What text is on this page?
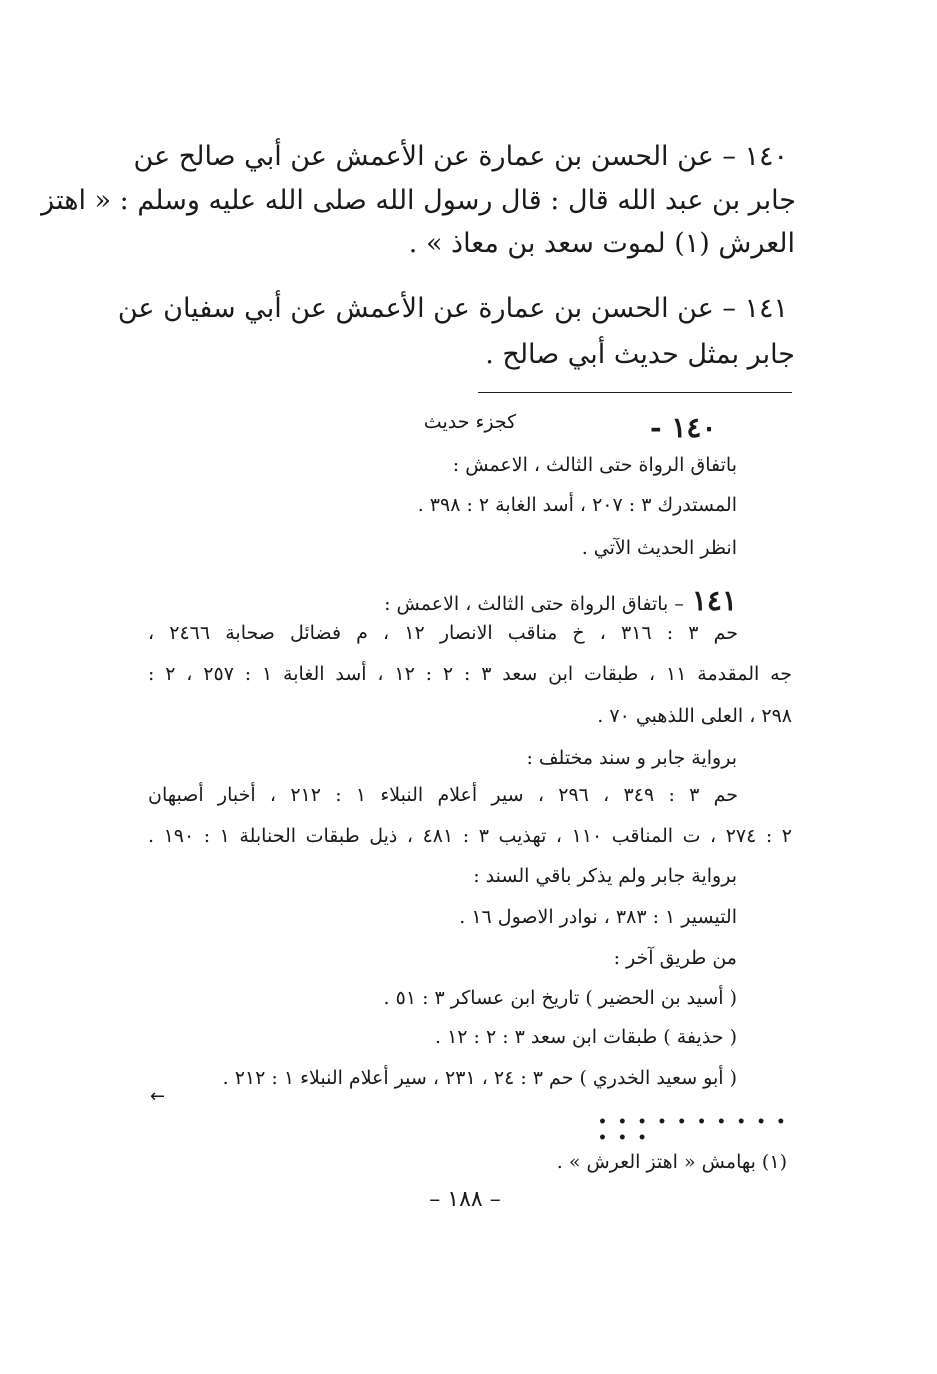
١٤٠ – عن الحسن بن عمارة عن الأعمش عن أبي صالح عن
جابر بن عبد الله قال : قال رسول الله صلى الله عليه وسلم : « اهتز
العرش (١) لموت سعد بن معاذ » .
١٤١ – عن الحسن بن عمارة عن الأعمش عن أبي سفيان عن
جابر بمثل حديث أبي صالح .
كجزء حديث	- ١٤٠
باتفاق الرواة حتى الثالث ، الاعمش :
المستدرك ٣ : ٢٠٧ ، أسد الغابة ٢ : ٣٩٨ .
انظر الحديث الآتي .
١٤١– باتفاق الرواة حتى الثالث ، الاعمش :
حم ٣ : ٣١٦ ، خ مناقب الانصار ١٢ ، م فضائل صحابة ٢٤٦٦ ،
جه المقدمة ١١ ، طبقات ابن سعد ٣ : ٢ : ١٢ ، أسد الغابة ١ : ٢٥٧ ، ٢ :
٢٩٨ ، العلى اللذهبي ٧٠ .
برواية جابر و سند مختلف :
حم ٣ : ٣٤٩ ، ٢٩٦ ، سير أعلام النبلاء ١ : ٢١٢ ، أخبار أصبهان
٢ : ٢٧٤ ، ت المناقب ١١٠ ، تهذيب ٣ : ٤٨١ ، ذيل طبقات الحنابلة ١ : ١٩٠ .
برواية جابر ولم يذكر باقي السند :
التيسير ١ : ٣٨٣ ، نوادر الاصول ١٦ .
من طريق آخر :
( أسيد بن الحضير ) تاريخ ابن عساكر ٣ : ٥١ .
( حذيفة ) طبقات ابن سعد ٣ : ٢ : ١٢ .
( أبو سعيد الخدري ) حم ٣ : ٢٤ ، ٢٣١ ، سير أعلام النبلاء ١ : ٢١٢ .
←
• • • • • • • • • • • • •
(١) بهامش « اهتز العرش » .
– ١٨٨ –
